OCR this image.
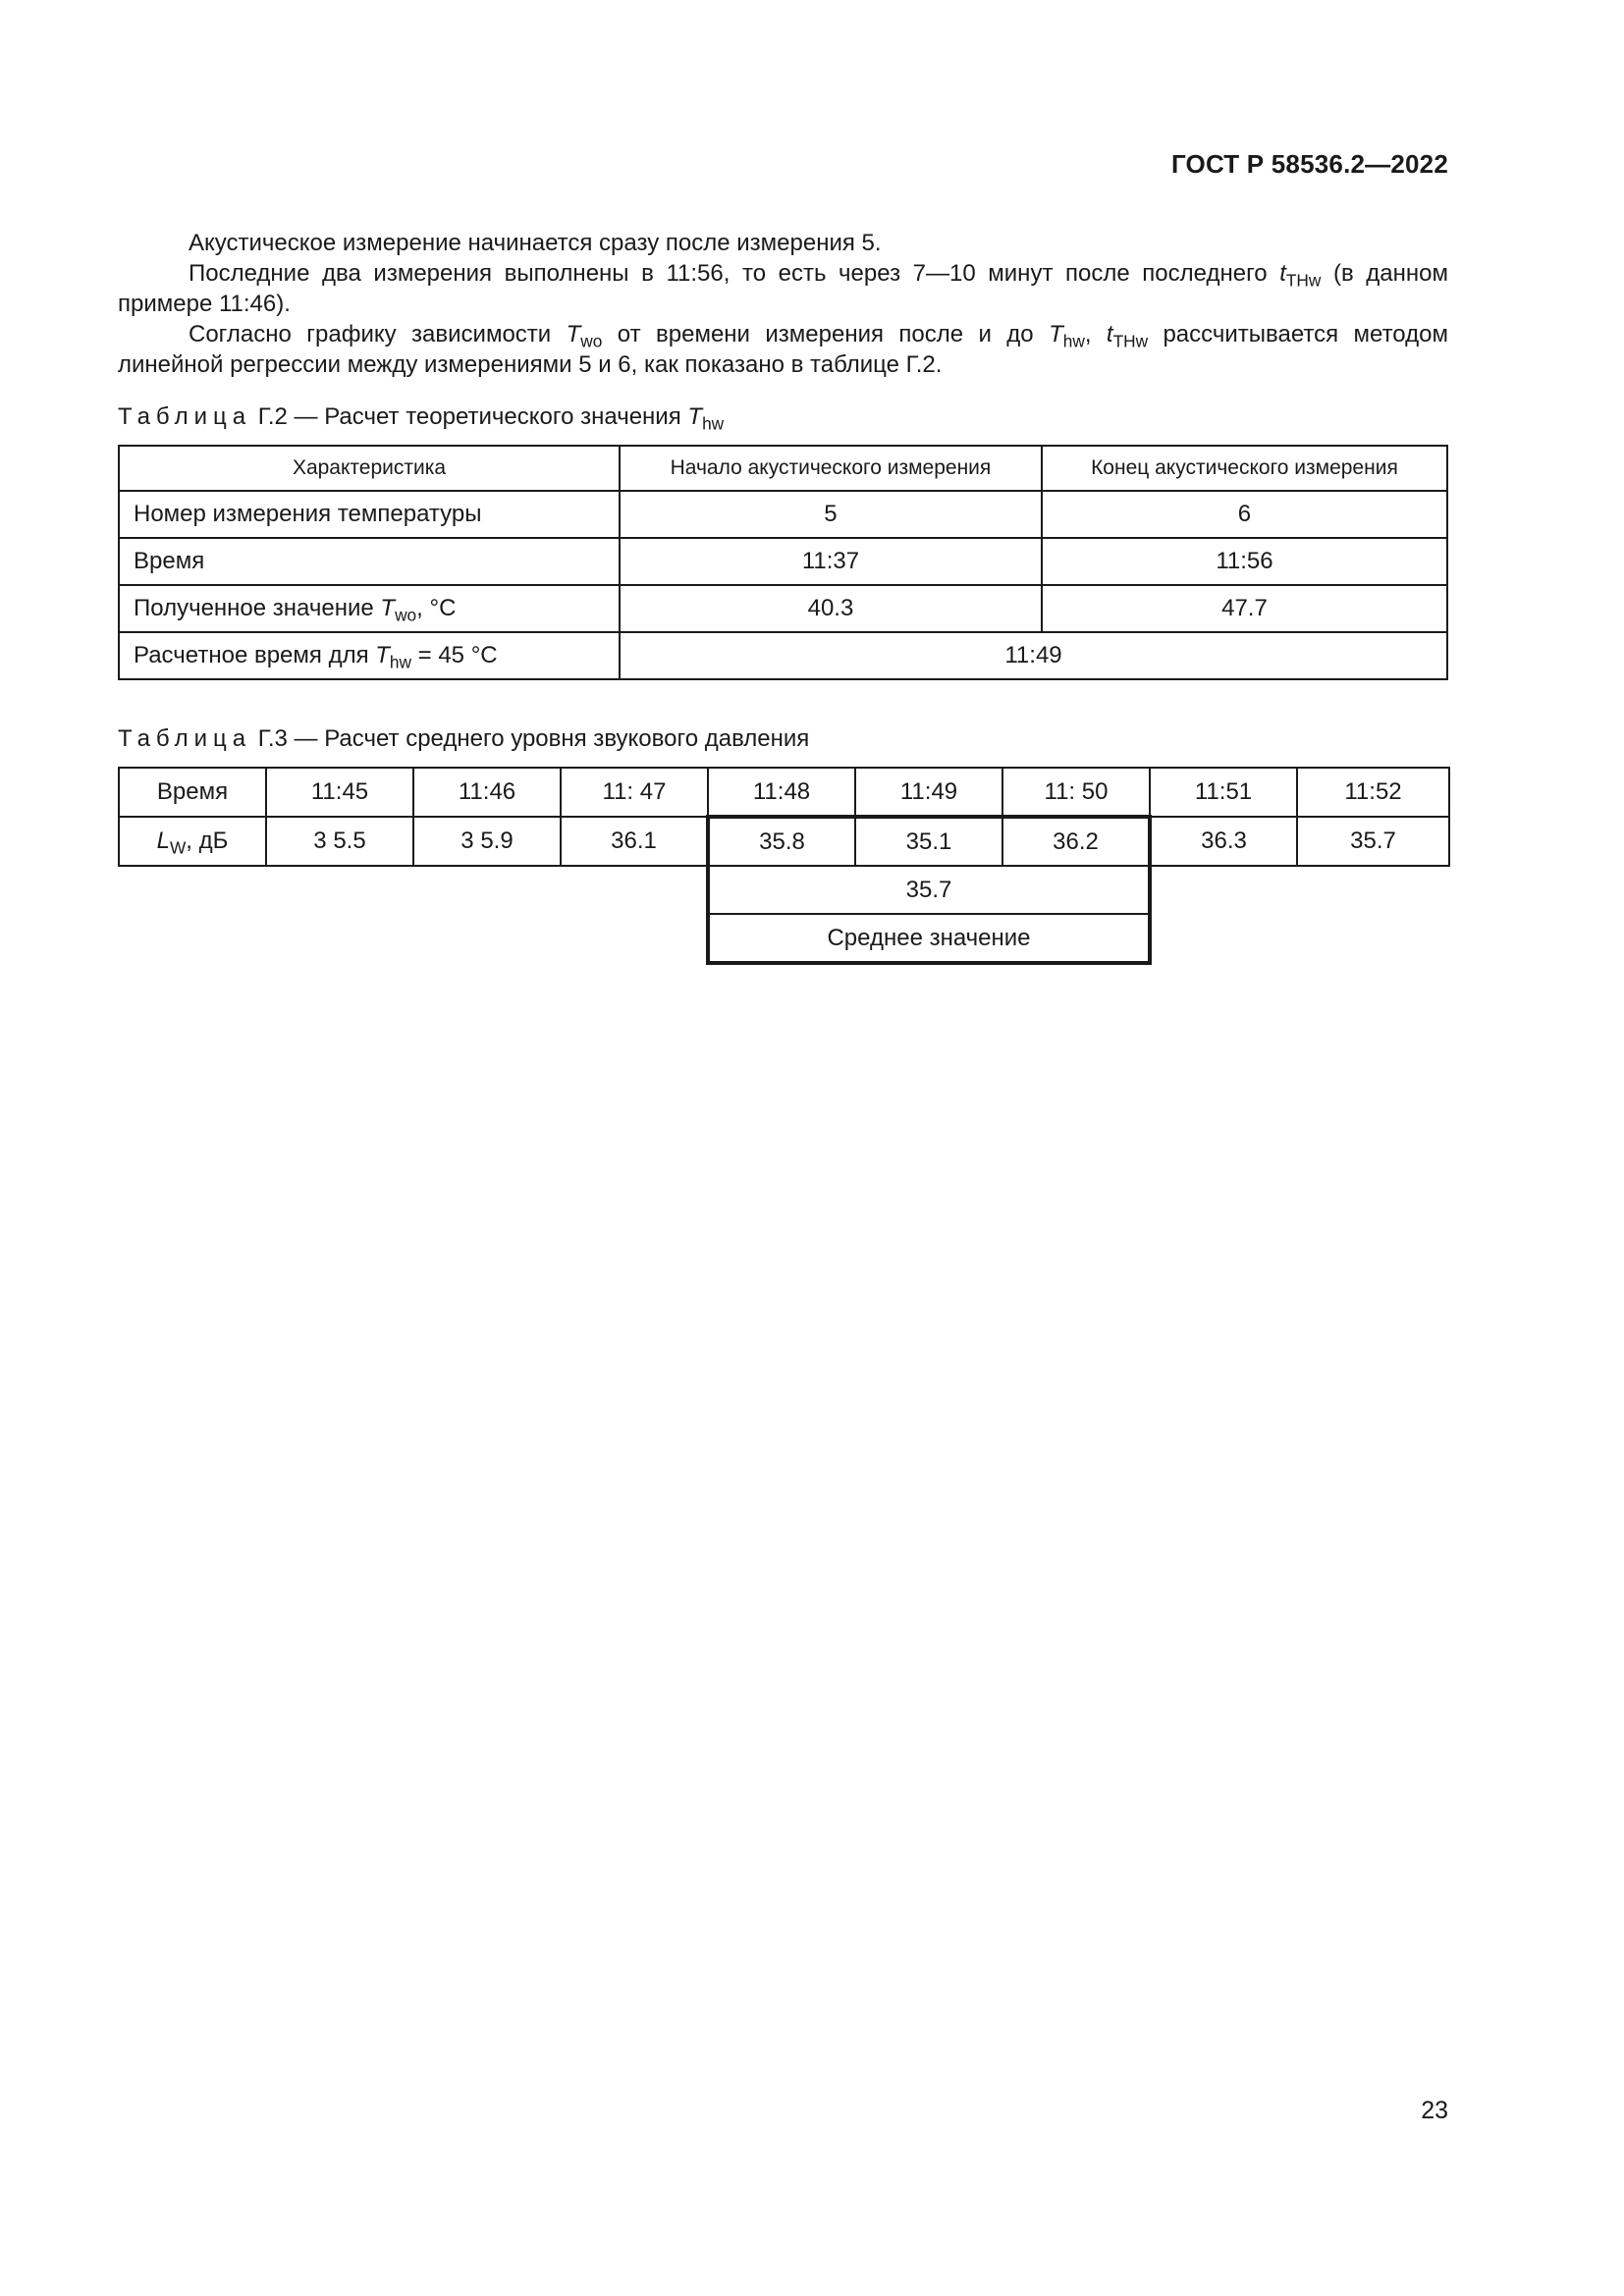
ГОСТ Р 58536.2—2022

Акустическое измерение начинается сразу после измерения 5.

Последние два измерения выполнены в 11:56, то есть через 7—10 минут после последнего $t_{THw}$ (в данном примере 11:46).

Согласно графику зависимости $T_{wo}$ от времени измерения после и до $T_{hw}$, $t_{THw}$ рассчитывается методом линейной регрессии между измерениями 5 и 6, как показано в таблице Г.2.

Таблица Г.2 — Расчет теоретического значения $T_{hw}$
Характеристика	Начало акустического измерения	Конец акустического измерения
Номер измерения температуры	5	6
Время	11:37	11:56
Полученное значение $T_{wo}$, °C	40.3	47.7
Расчетное время для $T_{hw} = 45$ °C	11:49	
Таблица Г.3 — Расчет среднего уровня звукового давления
Время	11:45	11:46	11: 47	11:48	11:49	11: 50	11:51	11:52
$L_W$, дБ	3 5.5	3 5.9	36.1	35.8	35.1	36.2	36.3	35.7
				35.7				
				Среднее значение				
23
